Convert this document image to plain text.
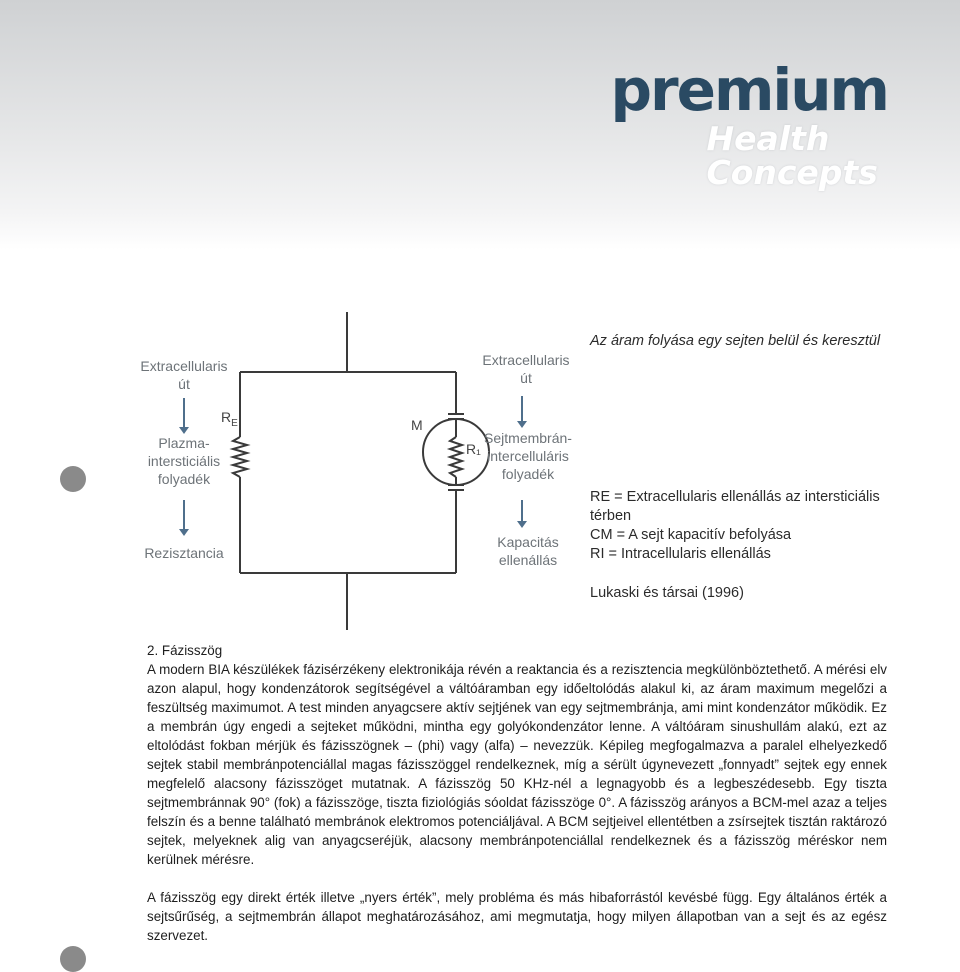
premium
Health
Concepts
Extracellularis
út
Extracellularis
út
$R_E$	M
R₁
Plazma-
intersticiális
folyadék
Sejtmembrán-
intercelluláris
folyadék
Rezisztancia
Kapacitás
ellenállás
Az áram folyása egy sejten belül és keresztül
RE = Extracellularis ellenállás az intersticiális
térben
CM = A sejt kapacitív befolyása
RI = Intracellularis ellenállás
Lukaski és társai (1996)

2. Fázisszög

A modern BIA készülékek fázisérzékeny elektronikája révén a reaktancia és a rezisztencia megkülönböztethető. A mérési elv azon alapul, hogy kondenzátorok segítségével a váltóáramban egy időeltolódás alakul ki, az áram maximum megelőzi a feszültség maximumot. A test minden anyagcsere aktív sejtjének van egy sejtmembránja, ami mint kondenzátor működik. Ez a membrán úgy engedi a sejteket működni, mintha egy golyókondenzátor lenne. A váltóáram sinushullám alakú, ezt az eltolódást fokban mérjük és fázisszögnek – (phi) vagy (alfa) – nevezzük. Képileg megfogalmazva a paralel elhelyezkedő sejtek stabil membránpotenciállal magas fázisszöggel rendelkeznek, míg a sérült úgynevezett „fonnyadt” sejtek egy ennek megfelelő alacsony fázisszöget mutatnak. A fázisszög 50 KHz-nél a legnagyobb és a legbeszédesebb. Egy tiszta sejtmembránnak 90° (fok) a fázisszöge, tiszta fiziológiás sóoldat fázisszöge 0°. A fázisszög arányos a BCM-mel azaz a teljes felszín és a benne található membránok elektromos potenciáljával. A BCM sejtjeivel ellentétben a zsírsejtek tisztán raktározó sejtek, melyeknek alig van anyagcseréjük, alacsony membránpotenciállal rendelkeznek és a fázisszög méréskor nem kerülnek mérésre.

A fázisszög egy direkt érték illetve „nyers érték”, mely probléma és más hibaforrástól kevésbé függ. Egy általános érték a sejtsűrűség, a sejtmembrán állapot meghatározásához, ami megmutatja, hogy milyen állapotban van a sejt és az egész szervezet.
